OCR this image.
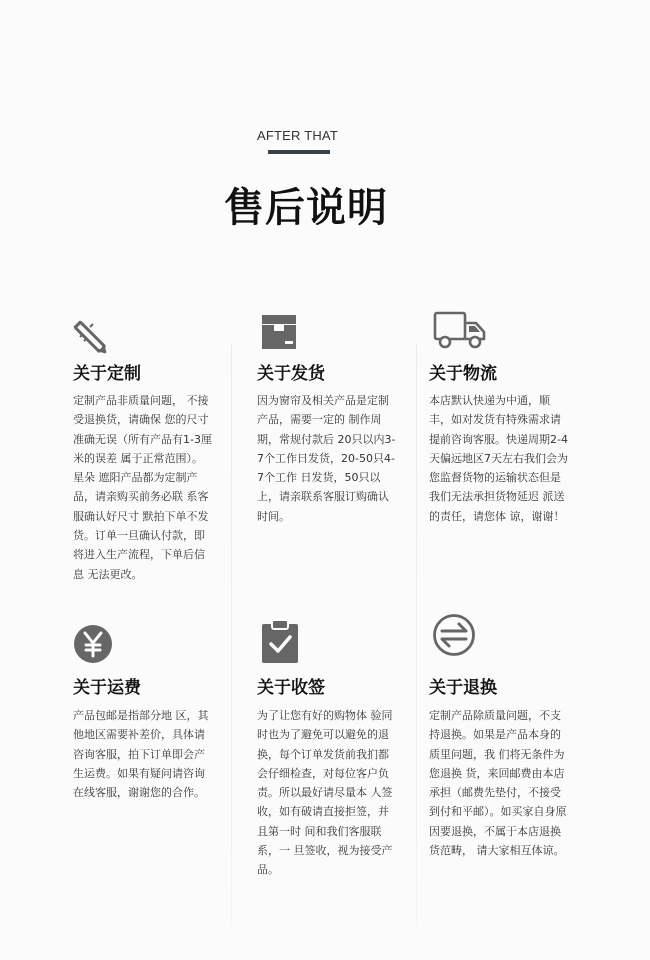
AFTER THAT
售后说明
关于定制
定制产品非质量问题， 不接受退换货，请确保 您的尺寸准确无误（所有产品有1-3厘米的误差 属于正常范围）。星朵 遮阳产品都为定制产品，请亲购买前务必联 系客服确认好尺寸 默拍下单不发货。订单一旦确认付款，即将进入生产流程，下单后信息 无法更改。
关于发货
因为窗帘及相关产品是定制产品，需要一定的 制作周期，常规付款后 20只以内3-7个工作日发货，20-50只4-7个工作 日发货，50只以上，请亲联系客服订购确认时间。
关于物流
本店默认快递为中通，顺丰，如对发货有特殊需求请 提前咨询客服。快递周期2-4天偏远地区7天左右我们会为您监督货物的运输状态但是 我们无法承担货物延迟 派送的责任，请您体 谅，谢谢！
关于运费
产品包邮是指部分地 区，其他地区需要补差价，具体请咨询客服，拍下订单即会产生运费。如果有疑问请咨询在线客服，谢谢您的合作。
关于收签
为了让您有好的购物体 验同时也为了避免可以避免的退换，每个订单发货前我扪都会仔细检查，对每位客户负责。所以最好请尽量本 人签收，如有破请直接拒签，并且第一时 间和我们客服联系，一 旦签收，视为接受产品。
关于退换
定制产品除质量问题，不支持退换。如果是产品本身的质里问题，我 们将无条件为您退换 货，来回邮费由本店承担（邮费先垫付，不接受到付和平邮）。如买家自身原因要退换，不属于本店退换货范畴， 请大家相互体谅。
